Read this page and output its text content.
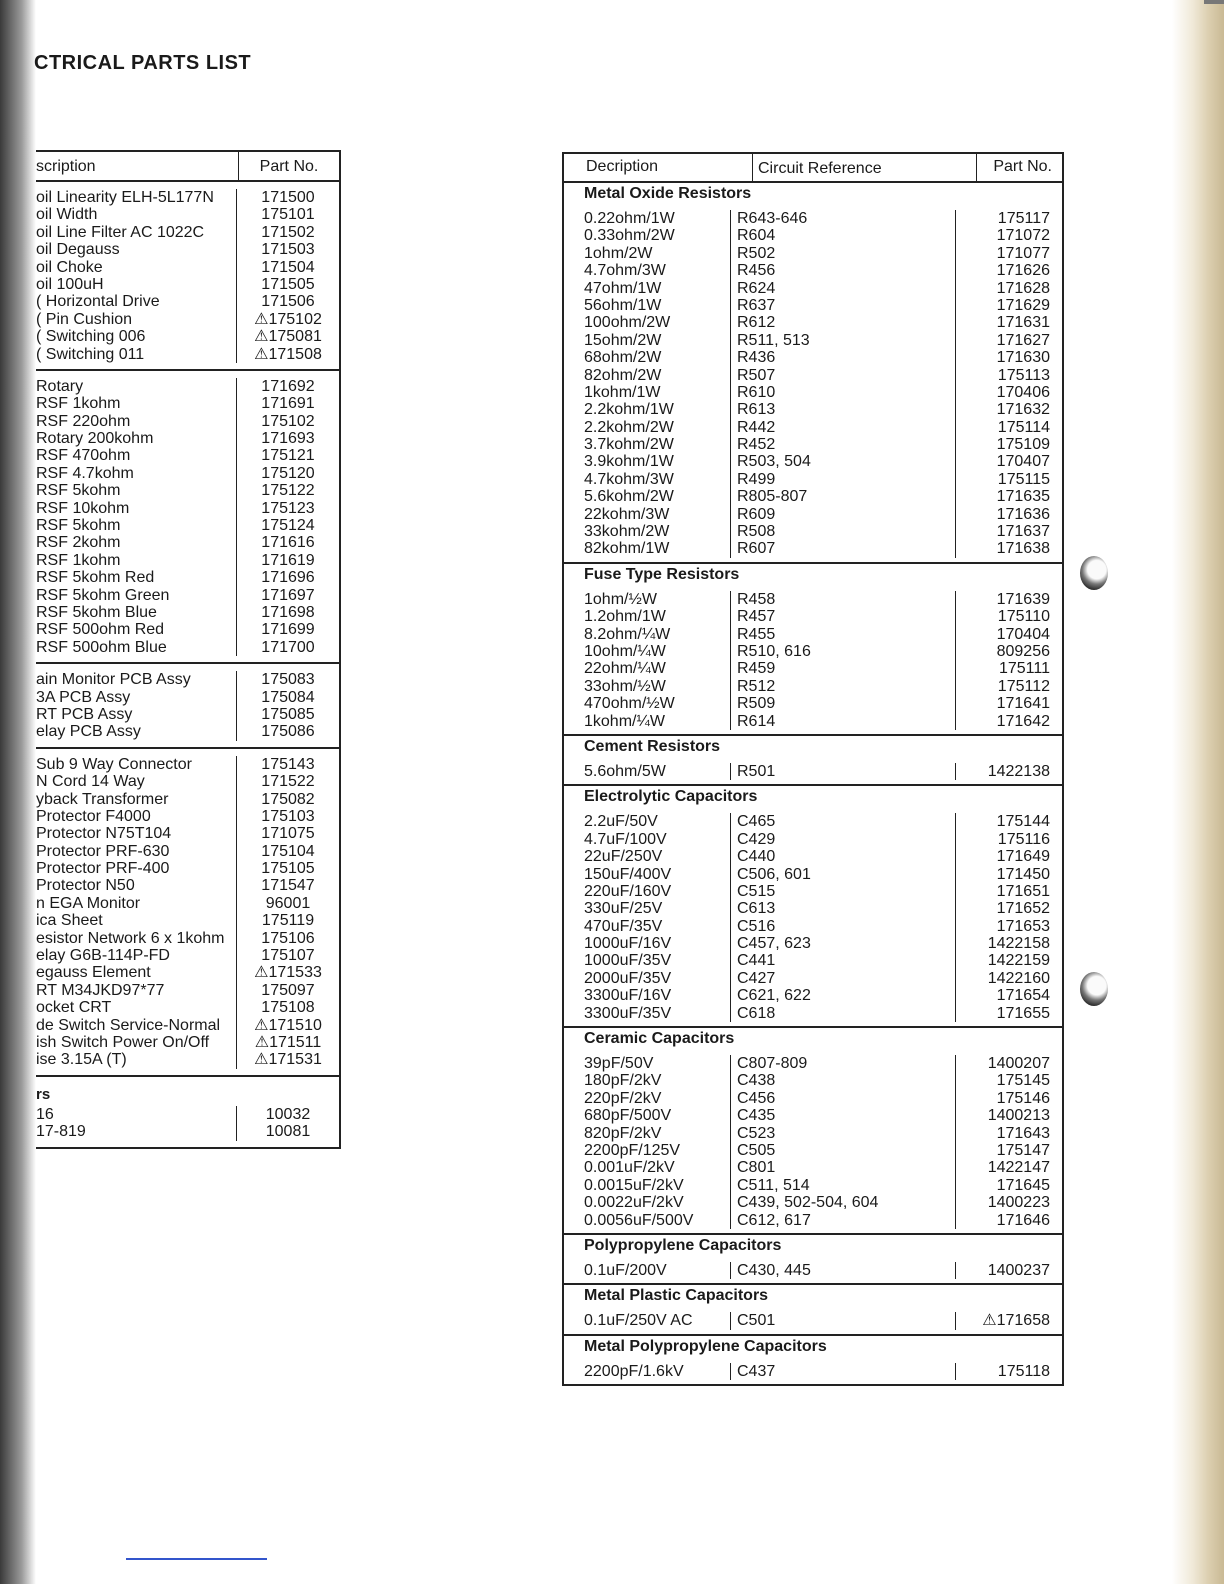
CTRICAL PARTS LIST
scription	Part No.
oil Linearity ELH-5L177N	171500
oil Width	175101
oil Line Filter AC 1022C	171502
oil Degauss	171503
oil Choke	171504
oil 100uH	171505
( Horizontal Drive	171506
( Pin Cushion	⚠175102
( Switching 006	⚠175081
( Switching 011	⚠171508
Rotary	171692
RSF 1kohm	171691
RSF 220ohm	175102
Rotary 200kohm	171693
RSF 470ohm	175121
RSF 4.7kohm	175120
RSF 5kohm	175122
RSF 10kohm	175123
RSF 5kohm	175124
RSF 2kohm	171616
RSF 1kohm	171619
RSF 5kohm Red	171696
RSF 5kohm Green	171697
RSF 5kohm Blue	171698
RSF 500ohm Red	171699
RSF 500ohm Blue	171700
ain Monitor PCB Assy	175083
3A PCB Assy	175084
RT PCB Assy	175085
elay PCB Assy	175086
Sub 9 Way Connector	175143
N Cord 14 Way	171522
yback Transformer	175082
Protector F4000	175103
Protector N75T104	171075
Protector PRF-630	175104
Protector PRF-400	175105
Protector N50	171547
n EGA Monitor	96001
ica Sheet	175119
esistor Network 6 x 1kohm	175106
elay G6B-114P-FD	175107
egauss Element	⚠171533
RT M34JKD97*77	175097
ocket CRT	175108
de Switch Service-Normal	⚠171510
ish Switch Power On/Off	⚠171511
ise 3.15A (T)	⚠171531
rs
16	10032
17-819	10081
Decription	Circuit Reference	Part No.
Metal Oxide Resistors
0.22ohm/1W	R643-646	175117
0.33ohm/2W	R604	171072
1ohm/2W	R502	171077
4.7ohm/3W	R456	171626
47ohm/1W	R624	171628
56ohm/1W	R637	171629
100ohm/2W	R612	171631
15ohm/2W	R511, 513	171627
68ohm/2W	R436	171630
82ohm/2W	R507	175113
1kohm/1W	R610	170406
2.2kohm/1W	R613	171632
2.2kohm/2W	R442	175114
3.7kohm/2W	R452	175109
3.9kohm/1W	R503, 504	170407
4.7kohm/3W	R499	175115
5.6kohm/2W	R805-807	171635
22kohm/3W	R609	171636
33kohm/2W	R508	171637
82kohm/1W	R607	171638
Fuse Type Resistors
1ohm/½W	R458	171639
1.2ohm/1W	R457	175110
8.2ohm/¼W	R455	170404
10ohm/¼W	R510, 616	809256
22ohm/¼W	R459	175111
33ohm/½W	R512	175112
470ohm/½W	R509	171641
1kohm/¼W	R614	171642
Cement Resistors
5.6ohm/5W	R501	1422138
Electrolytic Capacitors
2.2uF/50V	C465	175144
4.7uF/100V	C429	175116
22uF/250V	C440	171649
150uF/400V	C506, 601	171450
220uF/160V	C515	171651
330uF/25V	C613	171652
470uF/35V	C516	171653
1000uF/16V	C457, 623	1422158
1000uF/35V	C441	1422159
2000uF/35V	C427	1422160
3300uF/16V	C621, 622	171654
3300uF/35V	C618	171655
Ceramic Capacitors
39pF/50V	C807-809	1400207
180pF/2kV	C438	175145
220pF/2kV	C456	175146
680pF/500V	C435	1400213
820pF/2kV	C523	171643
2200pF/125V	C505	175147
0.001uF/2kV	C801	1422147
0.0015uF/2kV	C511, 514	171645
0.0022uF/2kV	C439, 502-504, 604	1400223
0.0056uF/500V	C612, 617	171646
Polypropylene Capacitors
0.1uF/200V	C430, 445	1400237
Metal Plastic Capacitors
0.1uF/250V AC	C501	⚠171658
Metal Polypropylene Capacitors
2200pF/1.6kV	C437	175118
